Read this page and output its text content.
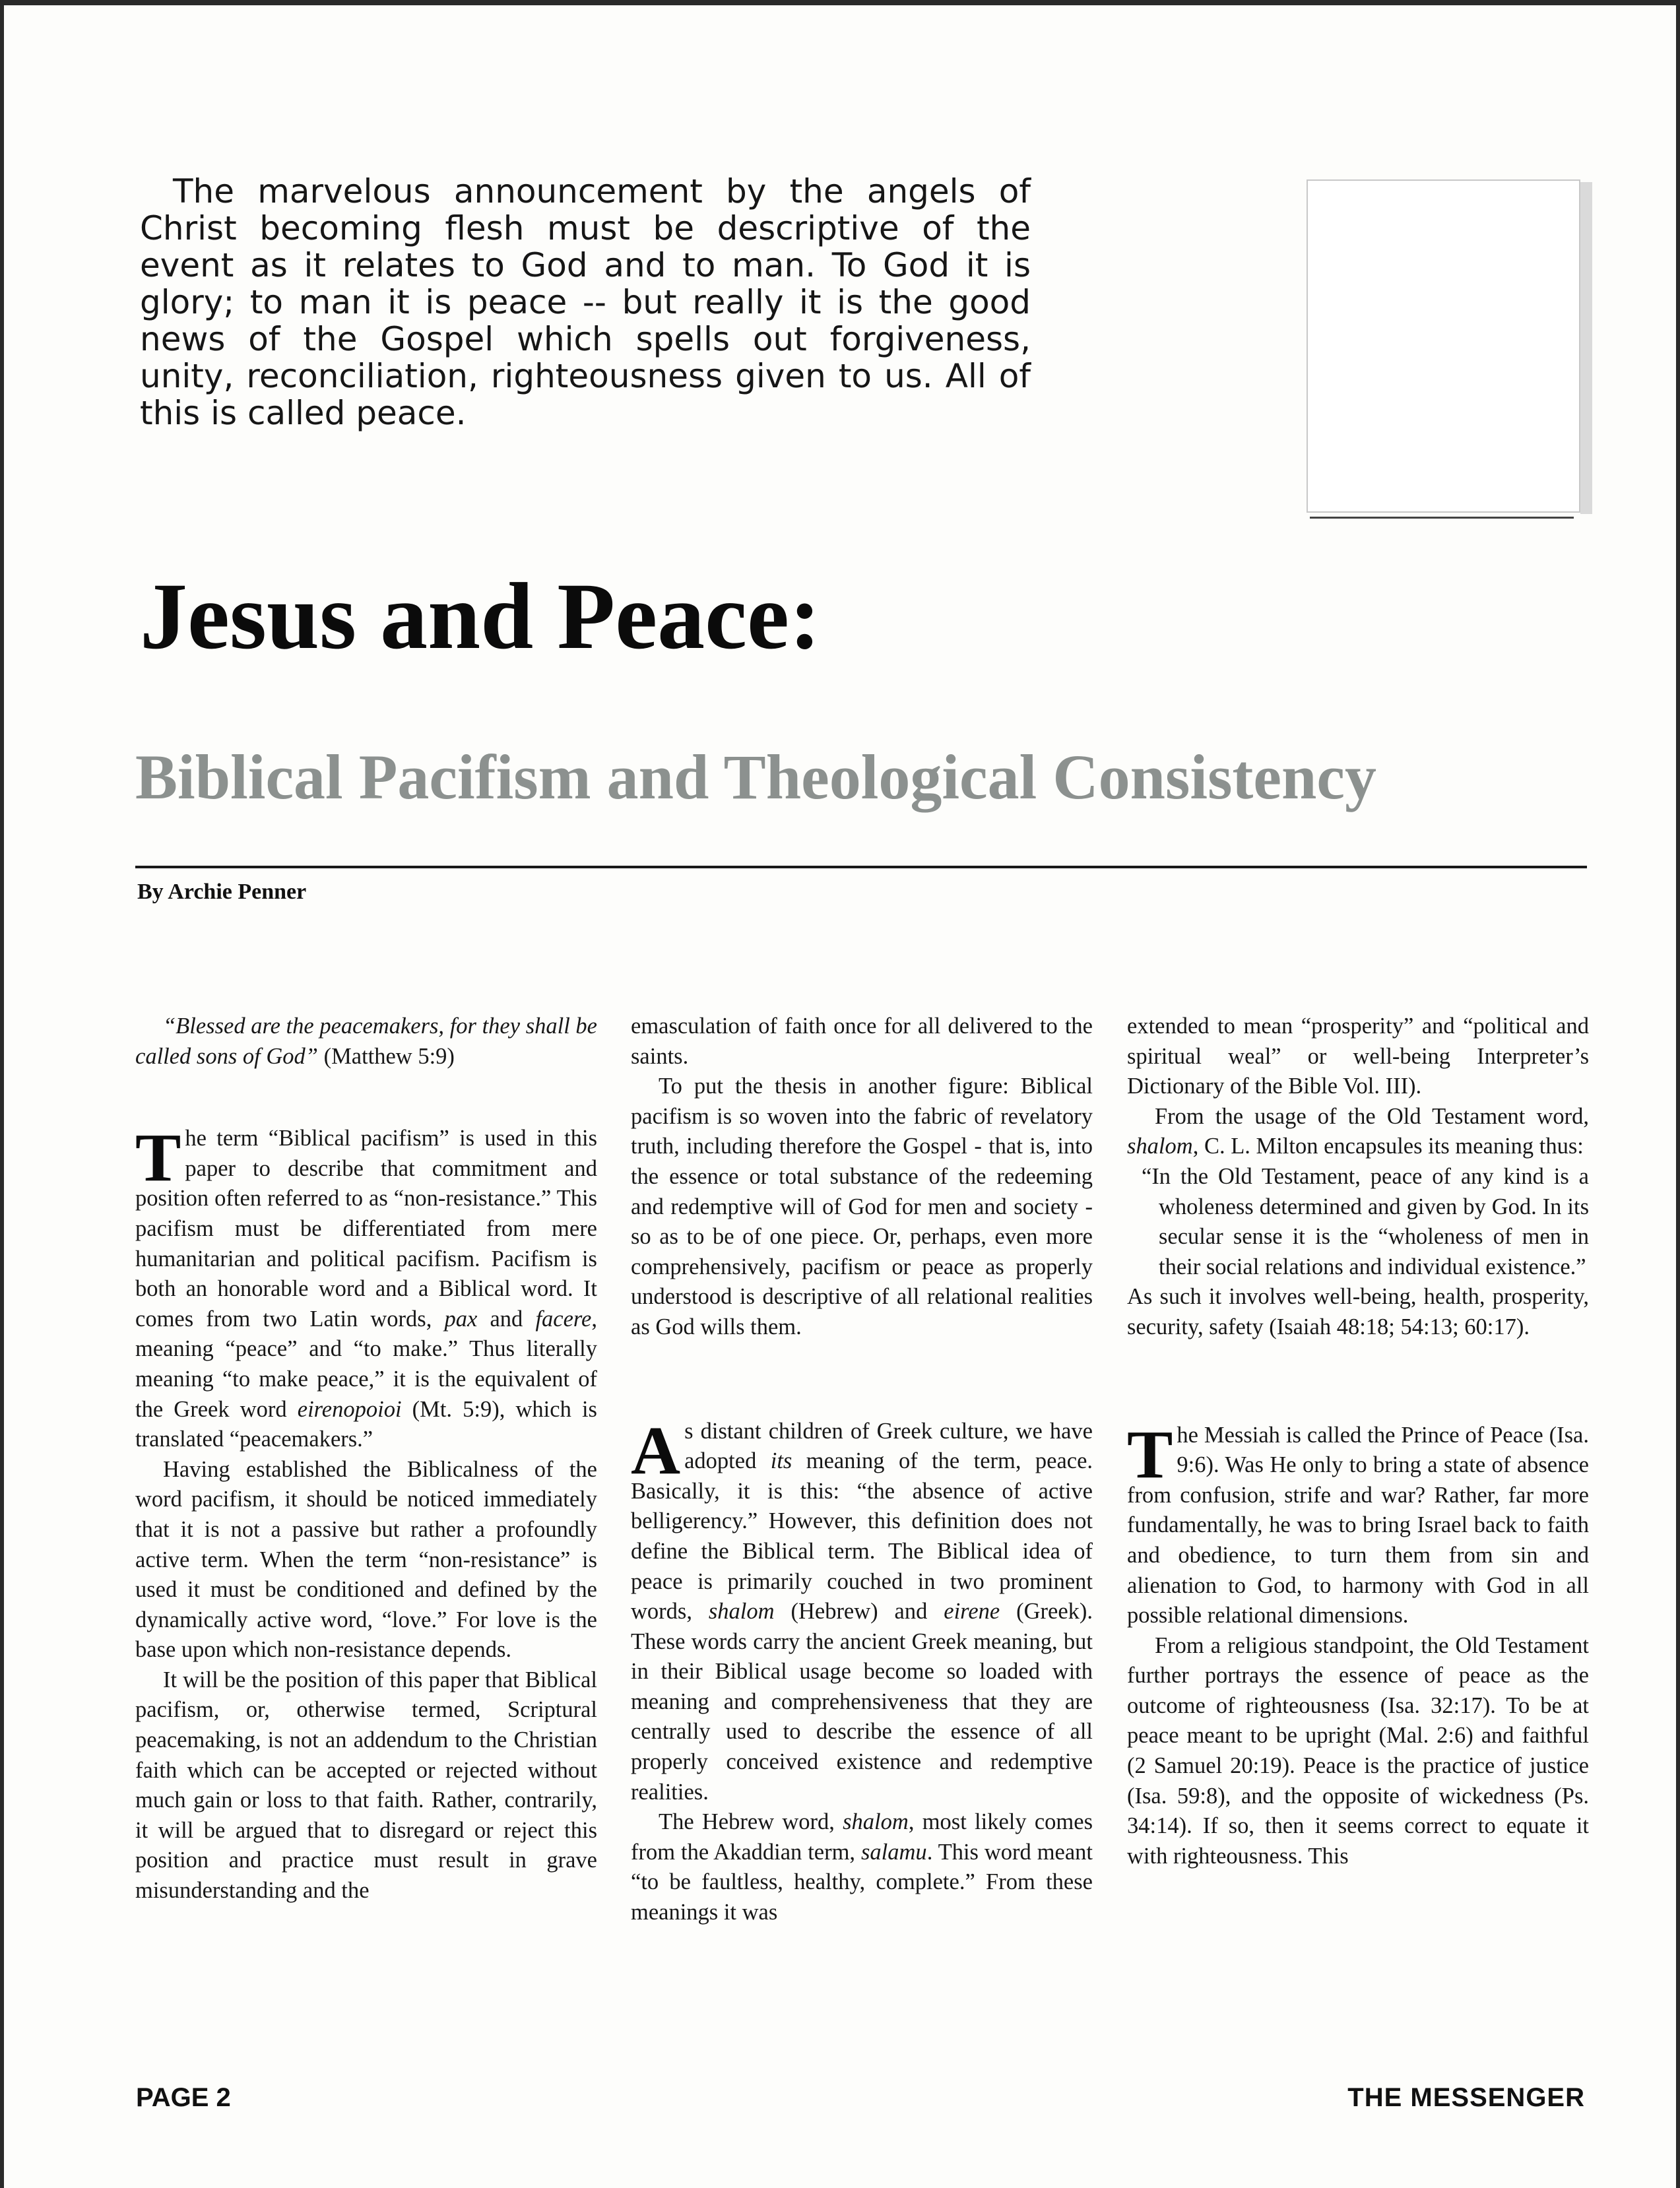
The marvelous announcement by the angels of Christ becoming flesh must be descriptive of the event as it relates to God and to man. To God it is glory; to man it is peace -- but really it is the good news of the Gospel which spells out forgiveness, unity, reconciliation, righteousness given to us. All of this is called peace.

Jesus and Peace:
Biblical Pacifism and Theological Consistency

By Archie Penner

“Blessed are the peacemakers, for they shall be called sons of God” (Matthew 5:9)

The term “Biblical pacifism” is used in this paper to describe that commitment and position often referred to as “non-resistance.” This pacifism must be differentiated from mere humanitarian and political pacifism. Pacifism is both an honorable word and a Biblical word. It comes from two Latin words, pax and facere, meaning “peace” and “to make.” Thus literally meaning “to make peace,” it is the equivalent of the Greek word eirenopoioi (Mt. 5:9), which is translated “peacemakers.”

Having established the Biblicalness of the word pacifism, it should be noticed immediately that it is not a passive but rather a profoundly active term. When the term “non-resistance” is used it must be conditioned and defined by the dynamically active word, “love.” For love is the base upon which non-resistance depends.

It will be the position of this paper that Biblical pacifism, or, otherwise termed, Scriptural peacemaking, is not an addendum to the Christian faith which can be accepted or rejected without much gain or loss to that faith. Rather, contrarily, it will be argued that to disregard or reject this position and practice must result in grave misunderstanding and the

emasculation of faith once for all delivered to the saints.

To put the thesis in another figure: Biblical pacifism is so woven into the fabric of revelatory truth, including therefore the Gospel - that is, into the essence or total substance of the redeeming and redemptive will of God for men and society - so as to be of one piece. Or, perhaps, even more comprehensively, pacifism or peace as properly understood is descriptive of all relational realities as God wills them.

As distant children of Greek culture, we have adopted its meaning of the term, peace. Basically, it is this: “the absence of active belligerency.” However, this definition does not define the Biblical term. The Biblical idea of peace is primarily couched in two prominent words, shalom (Hebrew) and eirene (Greek). These words carry the ancient Greek meaning, but in their Biblical usage become so loaded with meaning and comprehensiveness that they are centrally used to describe the essence of all properly conceived existence and redemptive realities.

The Hebrew word, shalom, most likely comes from the Akaddian term, salamu. This word meant “to be faultless, healthy, complete.” From these meanings it was

extended to mean “prosperity” and “political and spiritual weal” or well-being Interpreter’s Dictionary of the Bible Vol. III).

From the usage of the Old Testament word, shalom, C. L. Milton encapsules its meaning thus:

“In the Old Testament, peace of any kind is a wholeness determined and given by God. In its secular sense it is the “wholeness of men in their social relations and individual existence.”

As such it involves well-being, health, prosperity, security, safety (Isaiah 48:18; 54:13; 60:17).

The Messiah is called the Prince of Peace (Isa. 9:6). Was He only to bring a state of absence from confusion, strife and war? Rather, far more fundamentally, he was to bring Israel back to faith and obedience, to turn them from sin and alienation to God, to harmony with God in all possible relational dimensions.

From a religious standpoint, the Old Testament further portrays the essence of peace as the outcome of righteousness (Isa. 32:17). To be at peace meant to be upright (Mal. 2:6) and faithful (2 Samuel 20:19). Peace is the practice of justice (Isa. 59:8), and the opposite of wickedness (Ps. 34:14). If so, then it seems correct to equate it with righteousness. This

PAGE 2	THE MESSENGER
